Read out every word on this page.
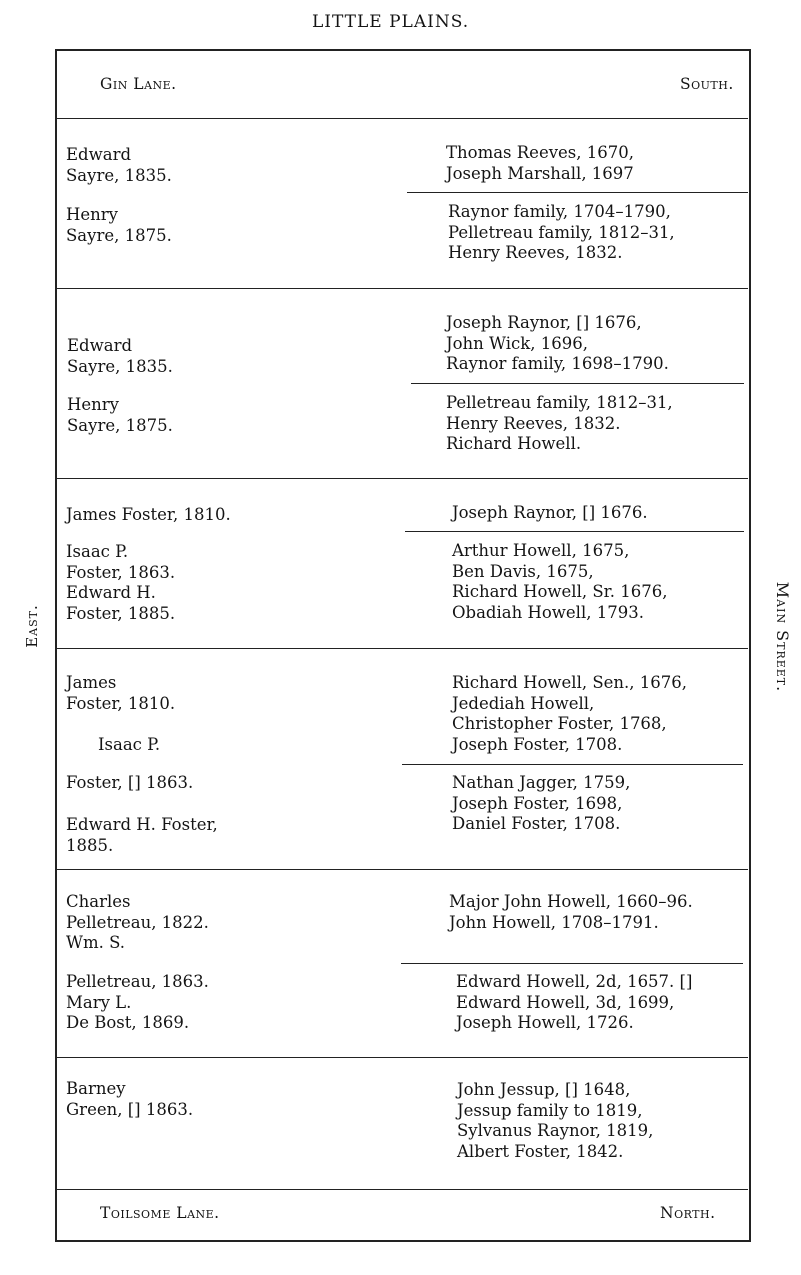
LITTLE PLAINS.
Gin Lane.	South.
Edward
Sayre, 1835.
Henry
Sayre, 1875.
Thomas Reeves, 1670,
Joseph Marshall, 1697
Raynor family, 1704–1790,
Pelletreau family, 1812–31,
Henry Reeves, 1832.
Edward
Sayre, 1835.
Henry
Sayre, 1875.
Joseph Raynor, [] 1676,
John Wick, 1696,
Raynor family, 1698–1790.
Pelletreau family, 1812–31,
Henry Reeves, 1832.
Richard Howell.
James Foster, 1810.
Isaac P.
Foster, 1863.
Edward H.
Foster, 1885.
Joseph Raynor, [] 1676.
Arthur Howell, 1675,
Ben Davis, 1675,
Richard Howell, Sr. 1676,
Obadiah Howell, 1793.
James
Foster, 1810.
Isaac P.
Foster, [] 1863.
Edward H. Foster,
1885.
Richard Howell, Sen., 1676,
Jedediah Howell,
Christopher Foster, 1768,
Joseph Foster, 1708.
Nathan Jagger, 1759,
Joseph Foster, 1698,
Daniel Foster, 1708.
Charles
Pelletreau, 1822.
Wm. S.
Pelletreau, 1863.
Mary L.
De Bost, 1869.
Major John Howell, 1660–96.
John Howell, 1708–1791.
Edward Howell, 2d, 1657. []
Edward Howell, 3d, 1699,
Joseph Howell, 1726.
Barney
Green, [] 1863.
John Jessup, [] 1648,
Jessup family to 1819,
Sylvanus Raynor, 1819,
Albert Foster, 1842.
Toilsome Lane.	North.
East.	Main Street.
